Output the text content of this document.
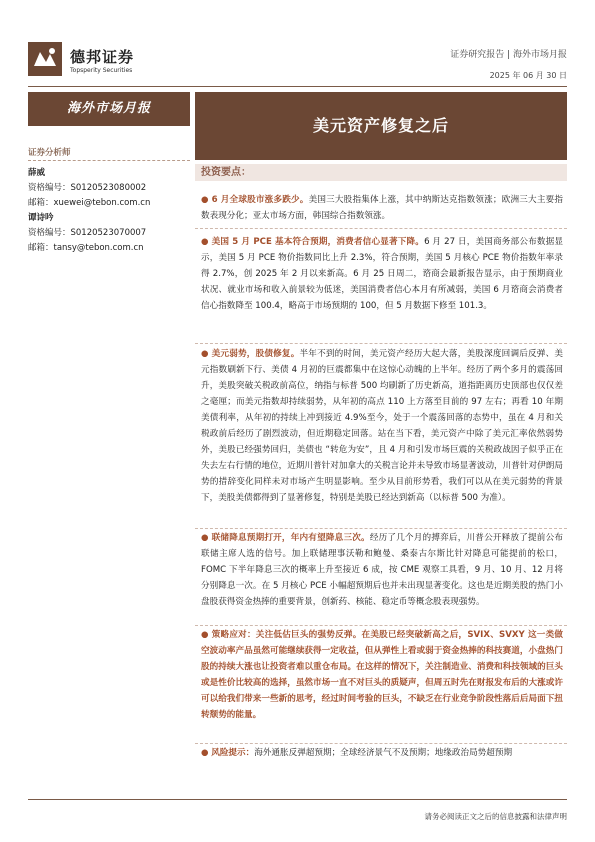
德邦证券
Topsperity Securities
证券研究报告 | 海外市场月报
2025 年 06 月 30 日
海外市场月报
美元资产修复之后
证券分析师
薛威
资格编号：S0120523080002
邮箱：xuewei@tebon.com.cn
谭诗吟
资格编号：S0120523070007
邮箱：tansy@tebon.com.cn
投资要点：
● 6 月全球股市涨多跌少。美国三大股指集体上涨，其中纳斯达克指数领涨；欧洲三大主要指数表现分化；亚太市场方面，韩国综合指数领涨。
● 美国 5 月 PCE 基本符合预期，消费者信心显著下降。6 月 27 日，美国商务部公布数据显示，美国 5 月 PCE 物价指数同比上升 2.3%，符合预期，美国 5 月核心 PCE 物价指数年率录得 2.7%，创 2025 年 2 月以来新高。6 月 25 日周二，谘商会最新报告显示，由于预期商业状况、就业市场和收入前景较为低迷，美国消费者信心本月有所减弱，美国 6 月谘商会消费者信心指数降至 100.4，略高于市场预期的 100，但 5 月数据下修至 101.3。
● 美元弱势，股债修复。半年不到的时间，美元资产经历大起大落，美股深度回调后反弹、美元指数刷新下行、美债 4 月初的巨震都集中在这惊心动魄的上半年。经历了两个多月的震荡回升，美股突破关税政前高位，纳指与标普 500 均刷新了历史新高，道指距离历史顶部也仅仅差之毫厘；而美元指数却持续弱势，从年初的高点 110 上方落至目前的 97 左右；再看 10 年期美债利率，从年初的持续上冲到接近 4.9%至今，处于一个震荡回落的态势中，虽在 4 月和关税政前后经历了剧烈波动，但近期稳定回落。站在当下看，美元资产中除了美元汇率依然弱势外，美股已经强势回归，美债也 “转危为安”，且 4 月和引发市场巨震的关税政战因子似乎正在失去左右行情的地位，近期川普针对加拿大的关税言论并未导致市场显著波动，川普针对伊朗局势的措辞变化同样未对市场产生明显影响。至少从目前形势看，我们可以从在美元弱势的背景下，美股美债都得到了显著修复，特别是美股已经达到新高（以标普 500 为准）。
● 联储降息预期打开，年内有望降息三次。经历了几个月的搏弈后，川普公开释放了提前公布联储主席人选的信号。加上联储理事沃勒和鲍曼、桑泰古尔斯比针对降息可能提前的松口，FOMC 下半年降息三次的概率上升至接近 6 成，按 CME 观察工具看，9 月、10 月、12 月将分别降息一次。在 5 月核心 PCE 小幅超预期后也并未出现显著变化。这也是近期美股的热门小盘股获得资金热捧的重要背景，创新药、核能、稳定币等概念股表现强势。
● 策略应对：关注低估巨头的强势反弹。在美股已经突破新高之后，SVIX、SVXY 这一类做空波动率产品虽然可能继续获得一定收益，但从弹性上看或弱于资金热捧的科技赛道，小盘热门股的持续大涨也让投资者难以重仓布局。在这样的情况下，关注制造业、消费和科技领域的巨头或是性价比较高的选择，虽然市场一直不对巨头的质疑声，但周五时先在财报发布后的大涨或许可以给我们带来一些新的思考，经过时间考验的巨头，不缺乏在行业竞争阶段性落后后局面下扭转颓势的能量。
● 风险提示：海外通胀反弹超预期；全球经济景气不及预期；地缘政治局势超预期
请务必阅读正文之后的信息披露和法律声明
